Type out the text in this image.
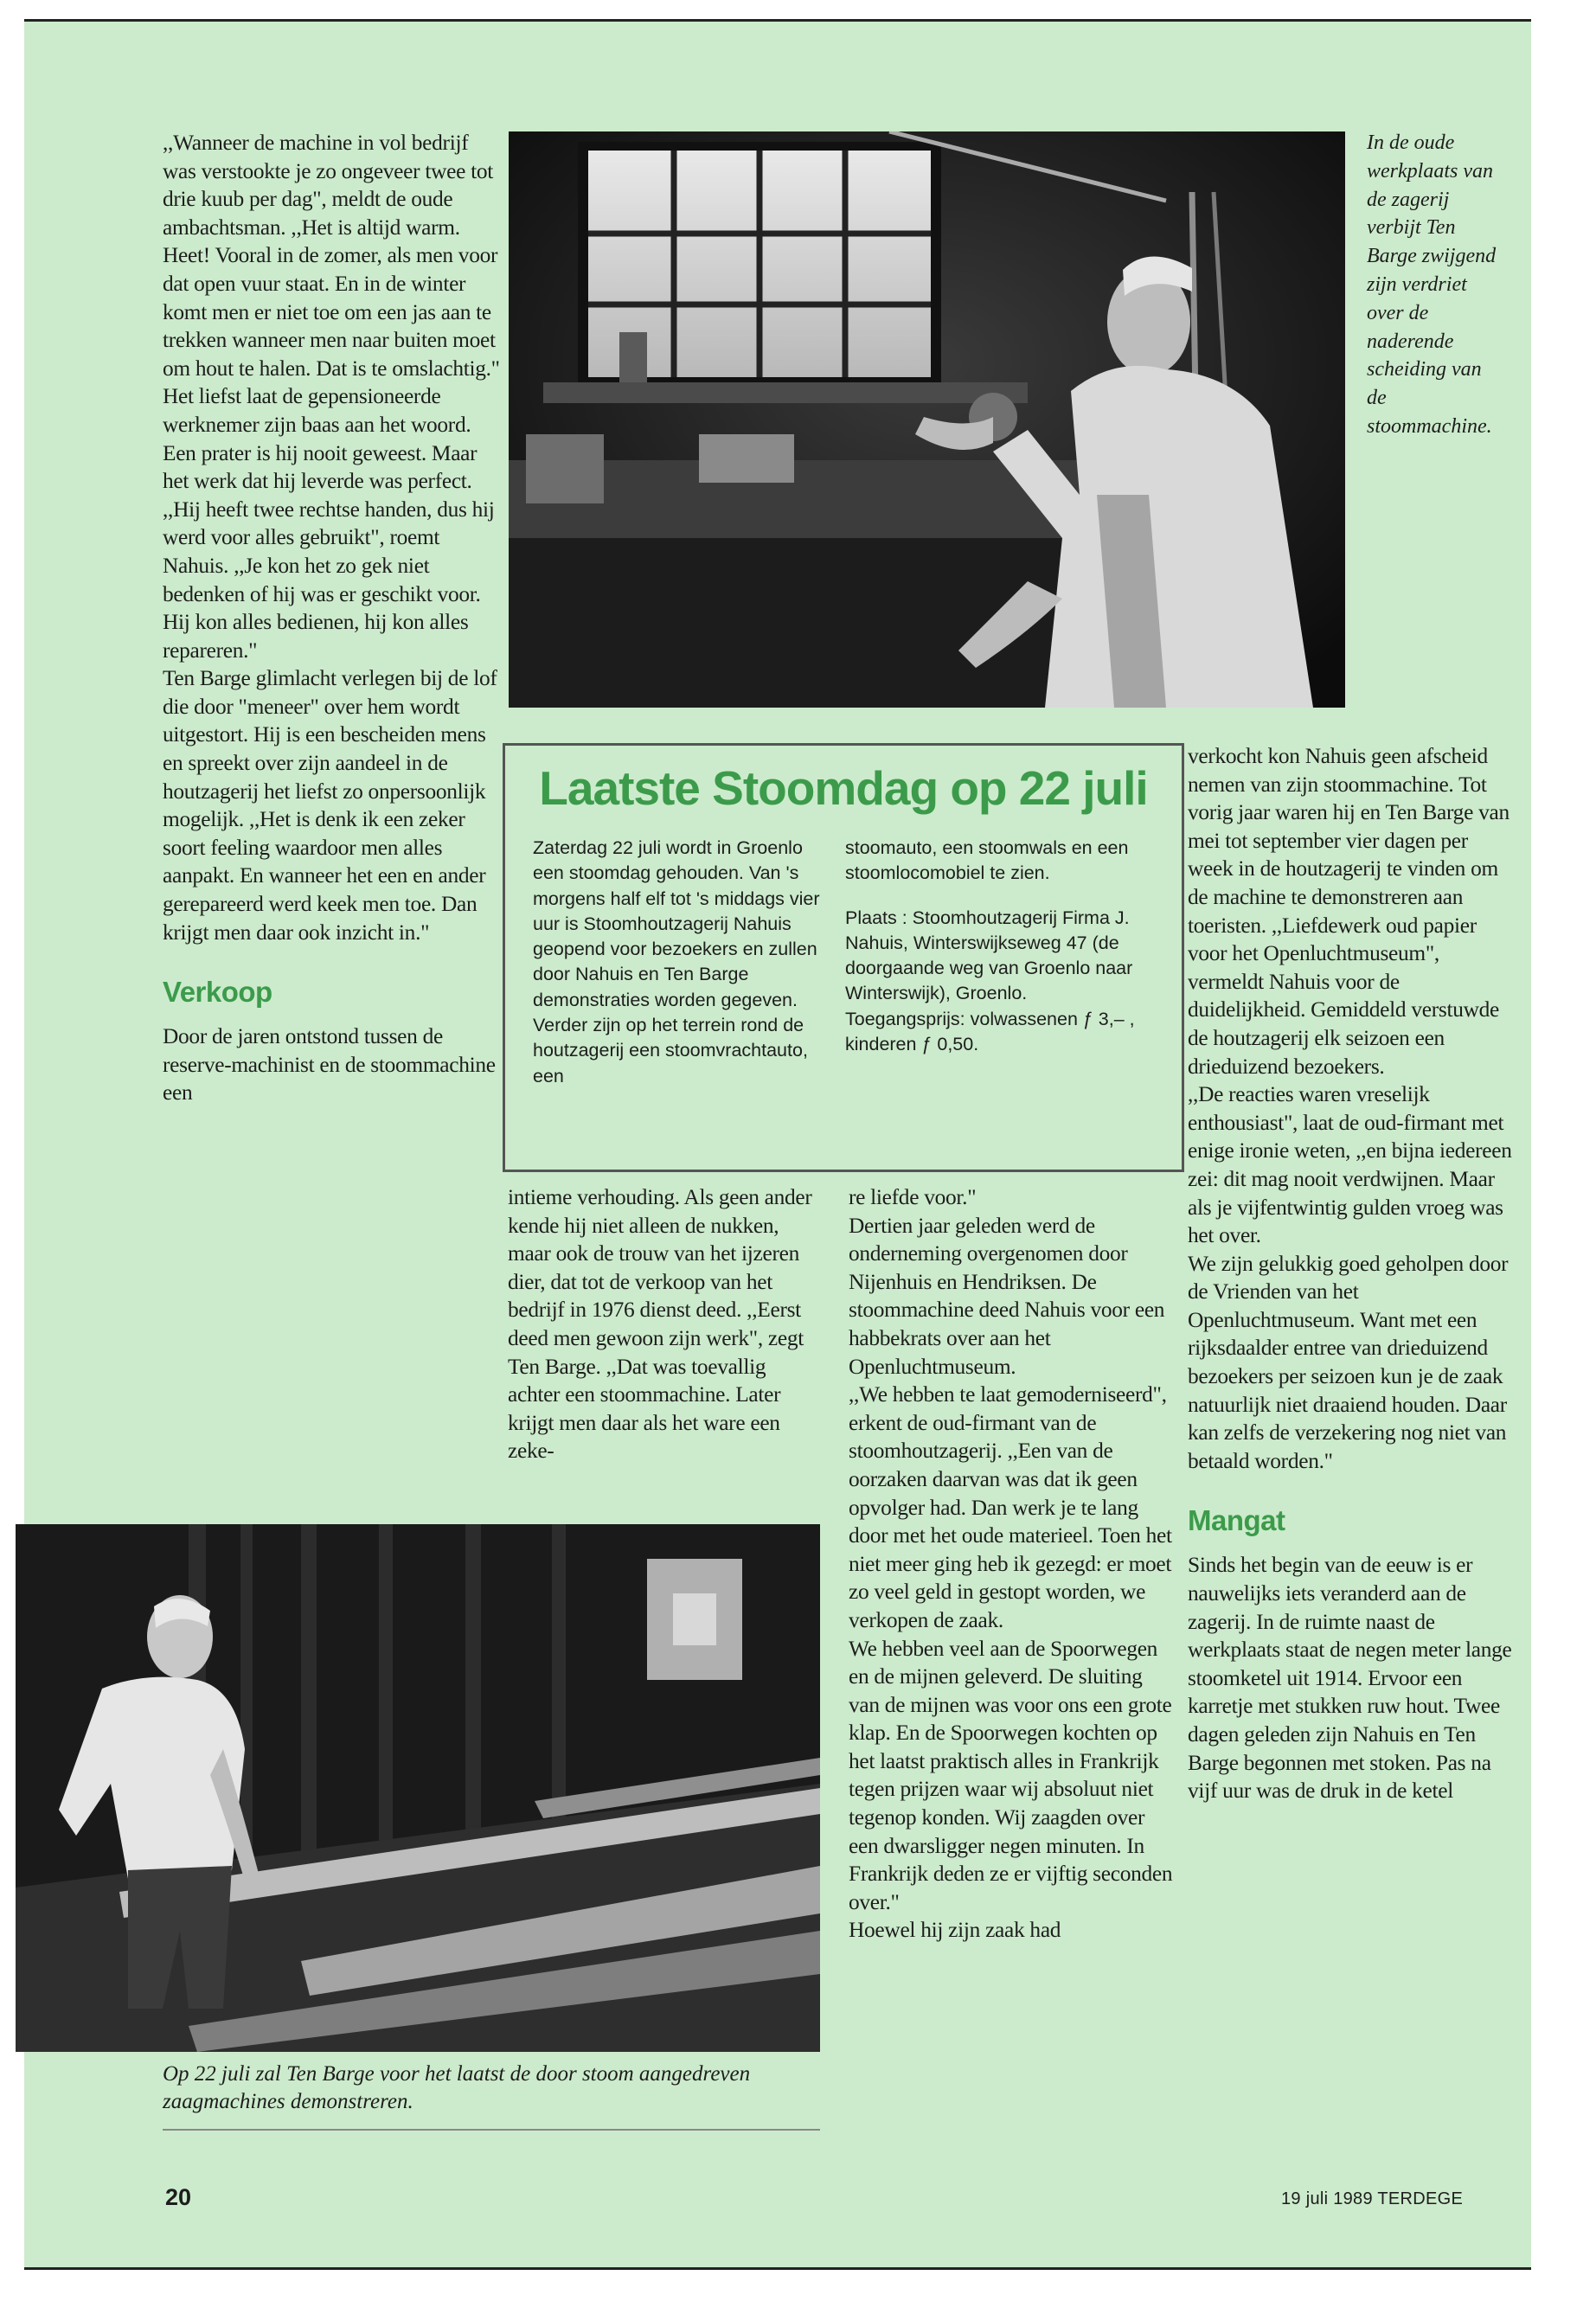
,,Wanneer de machine in vol bedrijf was verstookte je zo ongeveer twee tot drie kuub per dag", meldt de oude ambachtsman. ,,Het is altijd warm. Heet! Vooral in de zomer, als men voor dat open vuur staat. En in de winter komt men er niet toe om een jas aan te trekken wanneer men naar buiten moet om hout te halen. Dat is te omslachtig."

Het liefst laat de gepensioneerde werknemer zijn baas aan het woord. Een prater is hij nooit geweest. Maar het werk dat hij leverde was perfect. ,,Hij heeft twee rechtse handen, dus hij werd voor alles gebruikt", roemt Nahuis. ,,Je kon het zo gek niet bedenken of hij was er geschikt voor. Hij kon alles bedienen, hij kon alles repareren."

Ten Barge glimlacht verlegen bij de lof die door "meneer" over hem wordt uitgestort. Hij is een bescheiden mens en spreekt over zijn aandeel in de houtzagerij het liefst zo onpersoonlijk mogelijk. ,,Het is denk ik een zeker soort feeling waardoor men alles aanpakt. En wanneer het een en ander gerepareerd werd keek men toe. Dan krijgt men daar ook inzicht in."

Verkoop

Door de jaren ontstond tussen de reserve-machinist en de stoommachine een

In de oude werkplaats van de zagerij verbijt Ten Barge zwijgend zijn verdriet over de naderende scheiding van de stoommachine.
Laatste Stoomdag op 22 juli

Zaterdag 22 juli wordt in Groenlo een stoomdag gehouden. Van 's morgens half elf tot 's middags vier uur is Stoomhoutzagerij Nahuis geopend voor bezoekers en zullen door Nahuis en Ten Barge demonstraties worden gegeven. Verder zijn op het terrein rond de houtzagerij een stoomvrachtauto, een

stoomauto, een stoomwals en een stoomlocomobiel te zien.

Plaats : Stoomhoutzagerij Firma J. Nahuis, Winterswijkseweg 47 (de doorgaande weg van Groenlo naar Winterswijk), Groenlo. Toegangsprijs: volwassenen ƒ 3,– , kinderen ƒ 0,50.

intieme verhouding. Als geen ander kende hij niet alleen de nukken, maar ook de trouw van het ijzeren dier, dat tot de verkoop van het bedrijf in 1976 dienst deed. ,,Eerst deed men gewoon zijn werk", zegt Ten Barge. ,,Dat was toevallig achter een stoommachine. Later krijgt men daar als het ware een zeke-

re liefde voor."

Dertien jaar geleden werd de onderneming overgenomen door Nijenhuis en Hendriksen. De stoommachine deed Nahuis voor een habbekrats over aan het Openluchtmuseum.

,,We hebben te laat gemoderniseerd", erkent de oud-firmant van de stoomhoutzagerij. ,,Een van de oorzaken daarvan was dat ik geen opvolger had. Dan werk je te lang door met het oude materieel. Toen het niet meer ging heb ik gezegd: er moet zo veel geld in gestopt worden, we verkopen de zaak.

We hebben veel aan de Spoorwegen en de mijnen geleverd. De sluiting van de mijnen was voor ons een grote klap. En de Spoorwegen kochten op het laatst praktisch alles in Frankrijk tegen prijzen waar wij absoluut niet tegenop konden. Wij zaagden over een dwarsligger negen minuten. In Frankrijk deden ze er vijftig seconden over."

Hoewel hij zijn zaak had

verkocht kon Nahuis geen afscheid nemen van zijn stoommachine. Tot vorig jaar waren hij en Ten Barge van mei tot september vier dagen per week in de houtzagerij te vinden om de machine te demonstreren aan toeristen. ,,Liefdewerk oud papier voor het Openluchtmuseum", vermeldt Nahuis voor de duidelijkheid. Gemiddeld verstuwde de houtzagerij elk seizoen een drieduizend bezoekers.

,,De reacties waren vreselijk enthousiast", laat de oud-firmant met enige ironie weten, ,,en bijna iedereen zei: dit mag nooit verdwijnen. Maar als je vijfentwintig gulden vroeg was het over.

We zijn gelukkig goed geholpen door de Vrienden van het Openluchtmuseum. Want met een rijksdaalder entree van drieduizend bezoekers per seizoen kun je de zaak natuurlijk niet draaiend houden. Daar kan zelfs de verzekering nog niet van betaald worden."

Mangat

Sinds het begin van de eeuw is er nauwelijks iets veranderd aan de zagerij. In de ruimte naast de werkplaats staat de negen meter lange stoomketel uit 1914. Ervoor een karretje met stukken ruw hout. Twee dagen geleden zijn Nahuis en Ten Barge begonnen met stoken. Pas na vijf uur was de druk in de ketel

Op 22 juli zal Ten Barge voor het laatst de door stoom aangedreven zaagmachines demonstreren.
20	19 juli 1989 TERDEGE
